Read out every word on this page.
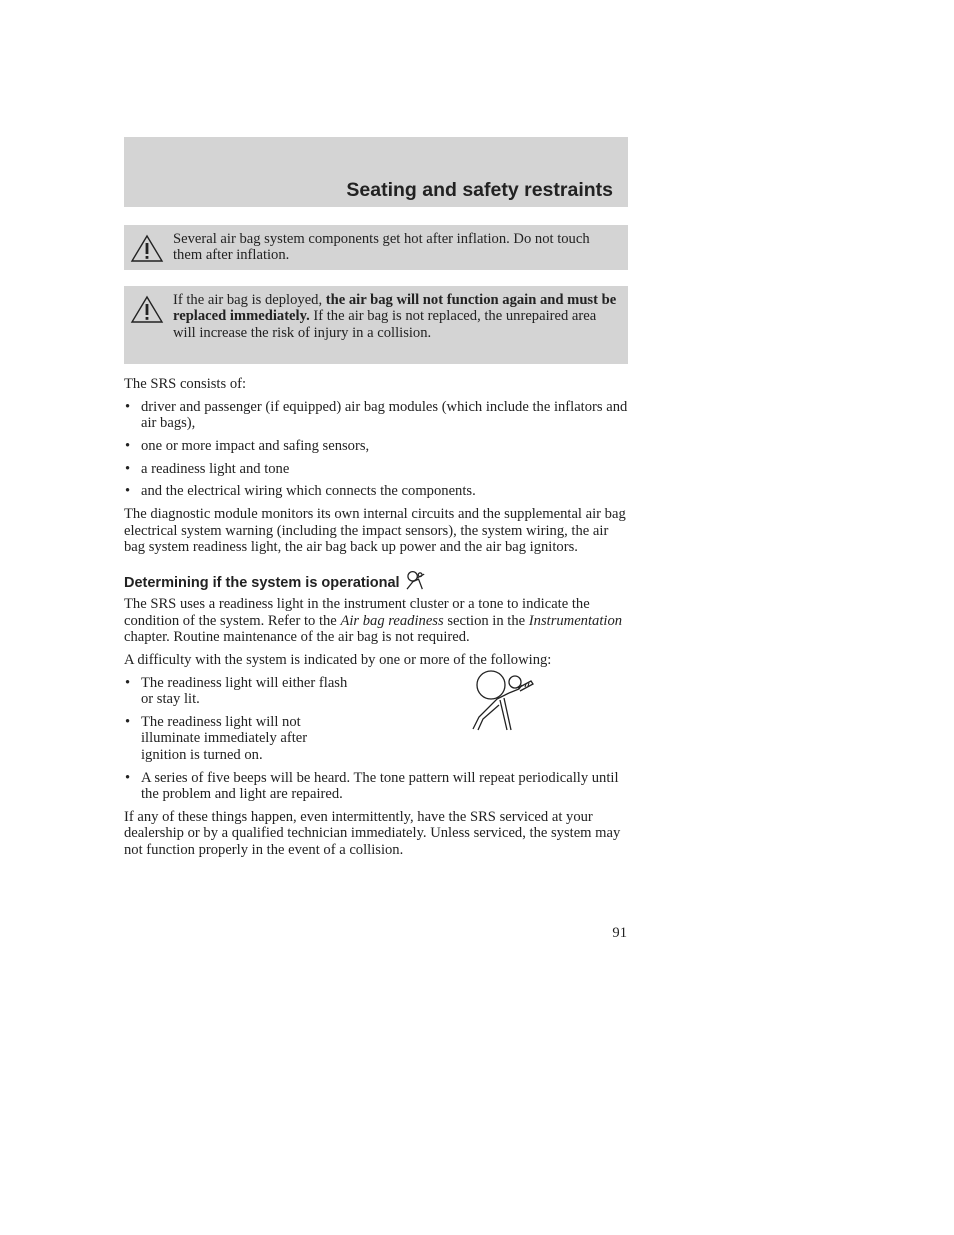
Seating and safety restraints

Several air bag system components get hot after inflation. Do not touch them after inflation.

If the air bag is deployed, the air bag will not function again and must be replaced immediately. If the air bag is not replaced, the unrepaired area will increase the risk of injury in a collision.

The SRS consists of:

• driver and passenger (if equipped) air bag modules (which include the inflators and air bags),
• one or more impact and safing sensors,
• a readiness light and tone
• and the electrical wiring which connects the components.

The diagnostic module monitors its own internal circuits and the supplemental air bag electrical system warning (including the impact sensors), the system wiring, the air bag system readiness light, the air bag back up power and the air bag ignitors.

Determining if the system is operational

The SRS uses a readiness light in the instrument cluster or a tone to indicate the condition of the system. Refer to the Air bag readiness section in the Instrumentation chapter. Routine maintenance of the air bag is not required.

A difficulty with the system is indicated by one or more of the following:

• The readiness light will either flash or stay lit.
• The readiness light will not illuminate immediately after ignition is turned on.
• A series of five beeps will be heard. The tone pattern will repeat periodically until the problem and light are repaired.

If any of these things happen, even intermittently, have the SRS serviced at your dealership or by a qualified technician immediately. Unless serviced, the system may not function properly in the event of a collision.

91
